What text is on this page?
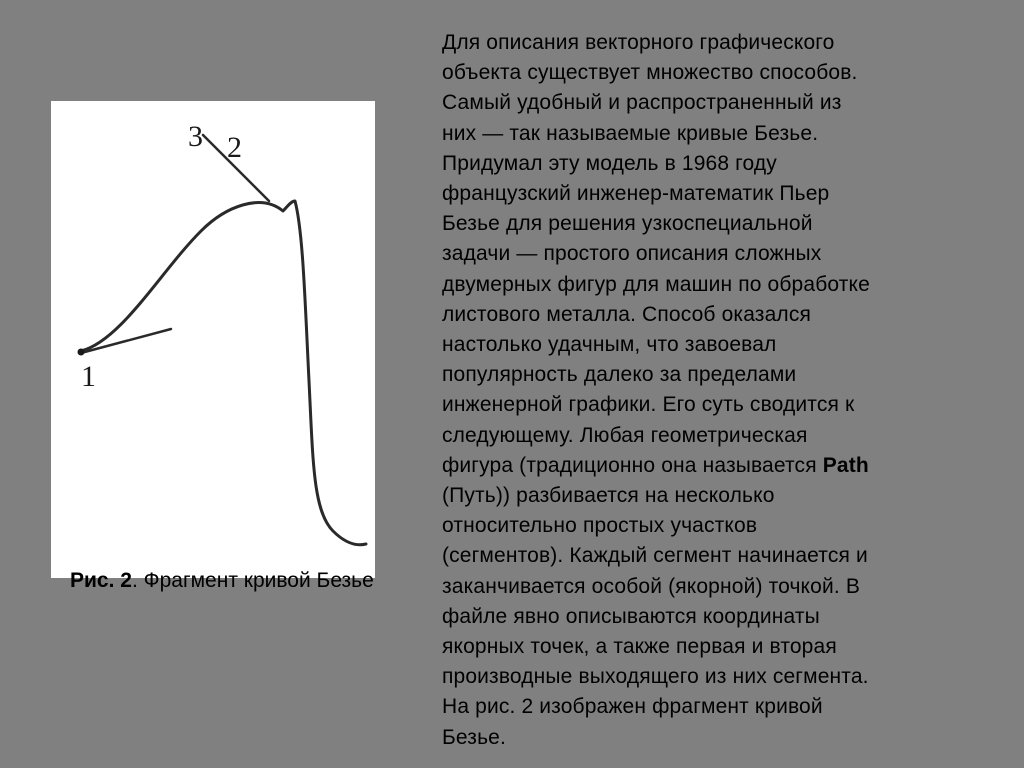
1
2
3
Рис. 2. Фрагмент кривой Безье
Для описания векторного графического
объекта существует множество способов.
Самый удобный и распространенный из
них — так называемые кривые Безье.
Придумал эту модель в 1968 году
французский инженер-математик Пьер
Безье для решения узкоспециальной
задачи — простого описания сложных
двумерных фигур для машин по обработке
листового металла. Способ оказался
настолько удачным, что завоевал
популярность далеко за пределами
инженерной графики. Его суть сводится к
следующему. Любая геометрическая
фигура (традиционно она называется Path
(Путь)) разбивается на несколько
относительно простых участков
(сегментов). Каждый сегмент начинается и
заканчивается особой (якорной) точкой. В
файле явно описываются координаты
якорных точек, а также первая и вторая
производные выходящего из них сегмента.
На рис. 2 изображен фрагмент кривой
Безье.
